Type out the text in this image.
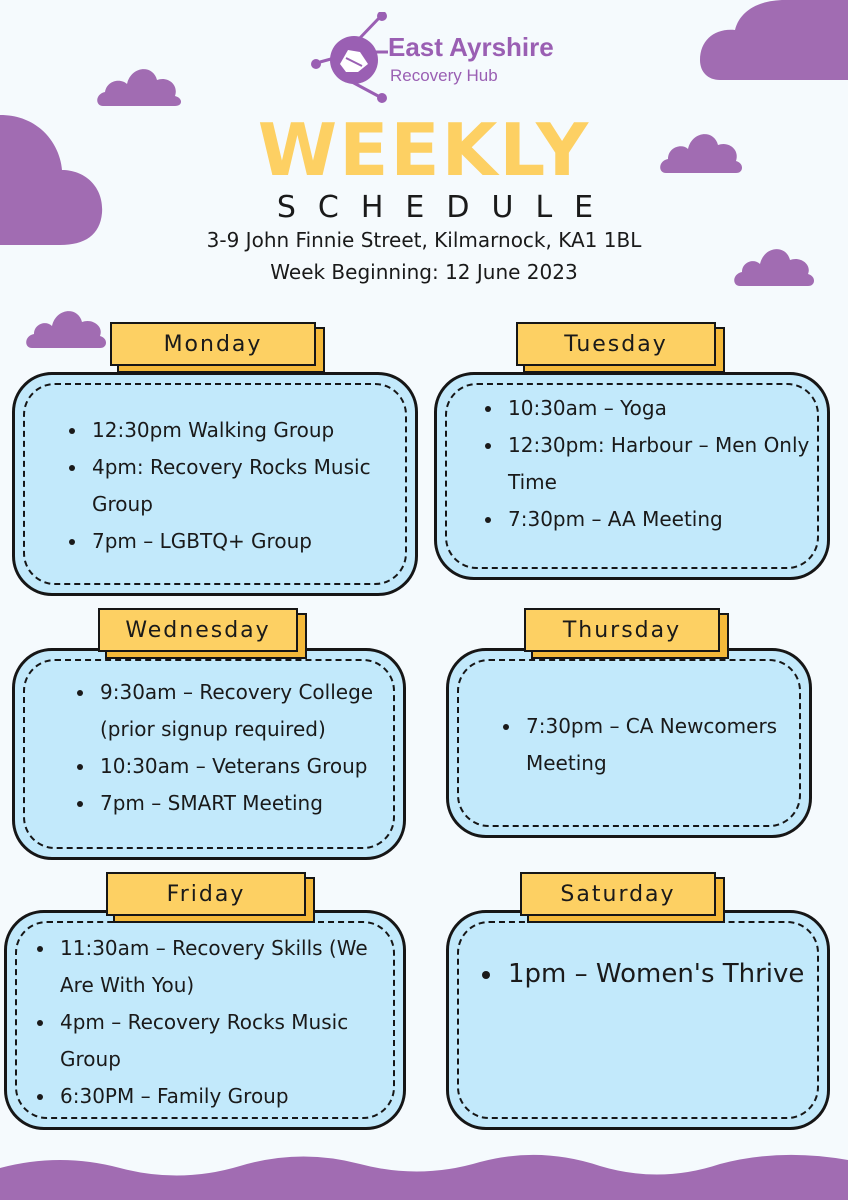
East Ayrshire
Recovery Hub
WEEKLY
SCHEDULE
3-9 John Finnie Street, Kilmarnock, KA1 1BL
Week Beginning: 12 June 2023
• 12:30pm Walking Group
• 4pm: Recovery Rocks Music Group
• 7pm – LGBTQ+ Group
Monday
• 10:30am – Yoga
• 12:30pm: Harbour – Men Only Time
• 7:30pm – AA Meeting
Tuesday
• 9:30am – Recovery College (prior signup required)
• 10:30am – Veterans Group
• 7pm – SMART Meeting
Wednesday
• 7:30pm – CA Newcomers Meeting
Thursday
• 11:30am – Recovery Skills (We Are With You)
• 4pm – Recovery Rocks Music Group
• 6:30PM – Family Group
Friday
• 1pm – Women's Thrive
Saturday
